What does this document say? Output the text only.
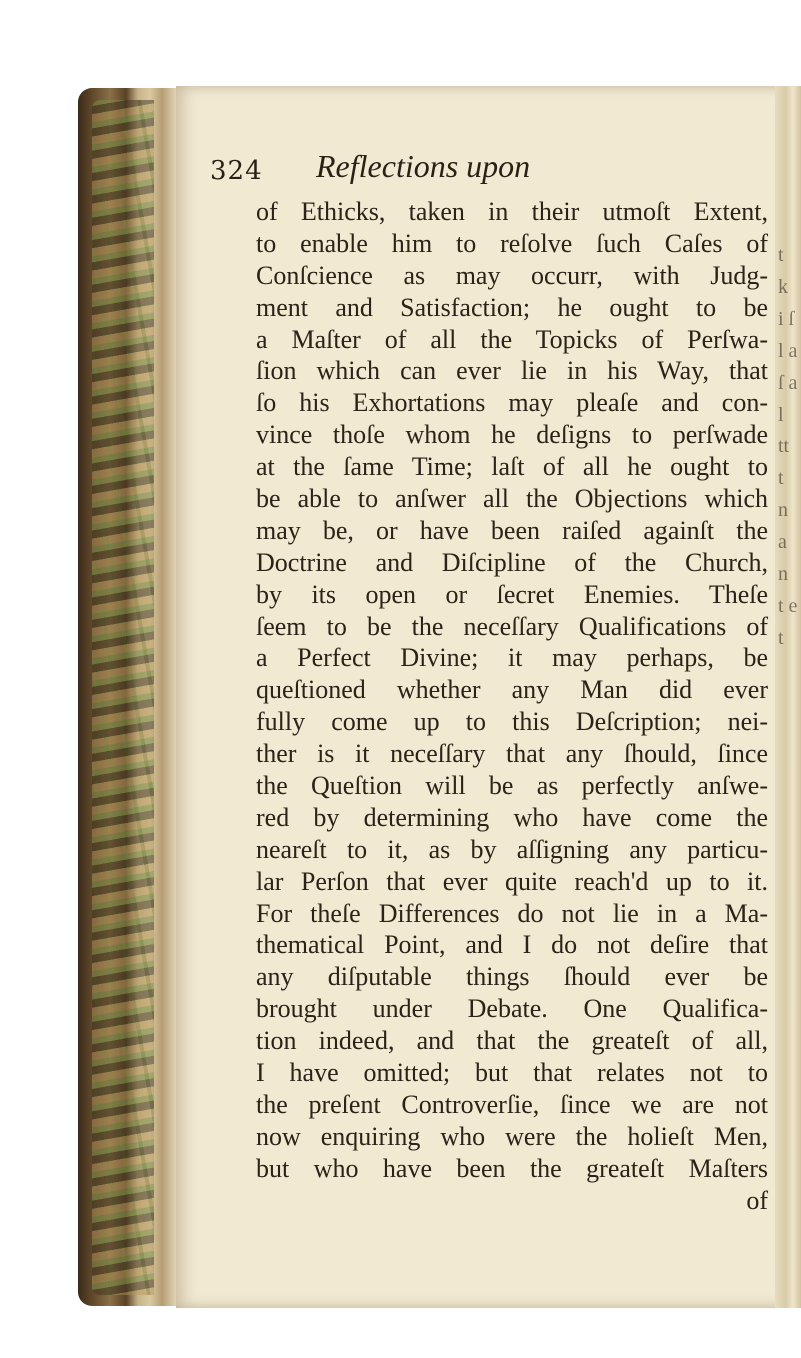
t k i ſ l a ſ a l tt t n a n t e t
324 Reflections upon
of Ethicks, taken in their utmoſt Extent,
to enable him to reſolve ſuch Caſes of
Conſcience as may occurr, with Judg-
ment and Satisfaction; he ought to be
a Maſter of all the Topicks of Perſwa-
ſion which can ever lie in his Way, that
ſo his Exhortations may pleaſe and con-
vince thoſe whom he deſigns to perſwade
at the ſame Time; laſt of all he ought to
be able to anſwer all the Objections which
may be, or have been raiſed againſt the
Doctrine and Diſcipline of the Church,
by its open or ſecret Enemies. Theſe
ſeem to be the neceſſary Qualifications of
a Perfect Divine; it may perhaps, be
queſtioned whether any Man did ever
fully come up to this Deſcription; nei-
ther is it neceſſary that any ſhould, ſince
the Queſtion will be as perfectly anſwe-
red by determining who have come the
neareſt to it, as by aſſigning any particu-
lar Perſon that ever quite reach'd up to it.
For theſe Differences do not lie in a Ma-
thematical Point, and I do not deſire that
any diſputable things ſhould ever be
brought under Debate. One Qualifica-
tion indeed, and that the greateſt of all,
I have omitted; but that relates not to
the preſent Controverſie, ſince we are not
now enquiring who were the holieſt Men,
but who have been the greateſt Maſters
of
